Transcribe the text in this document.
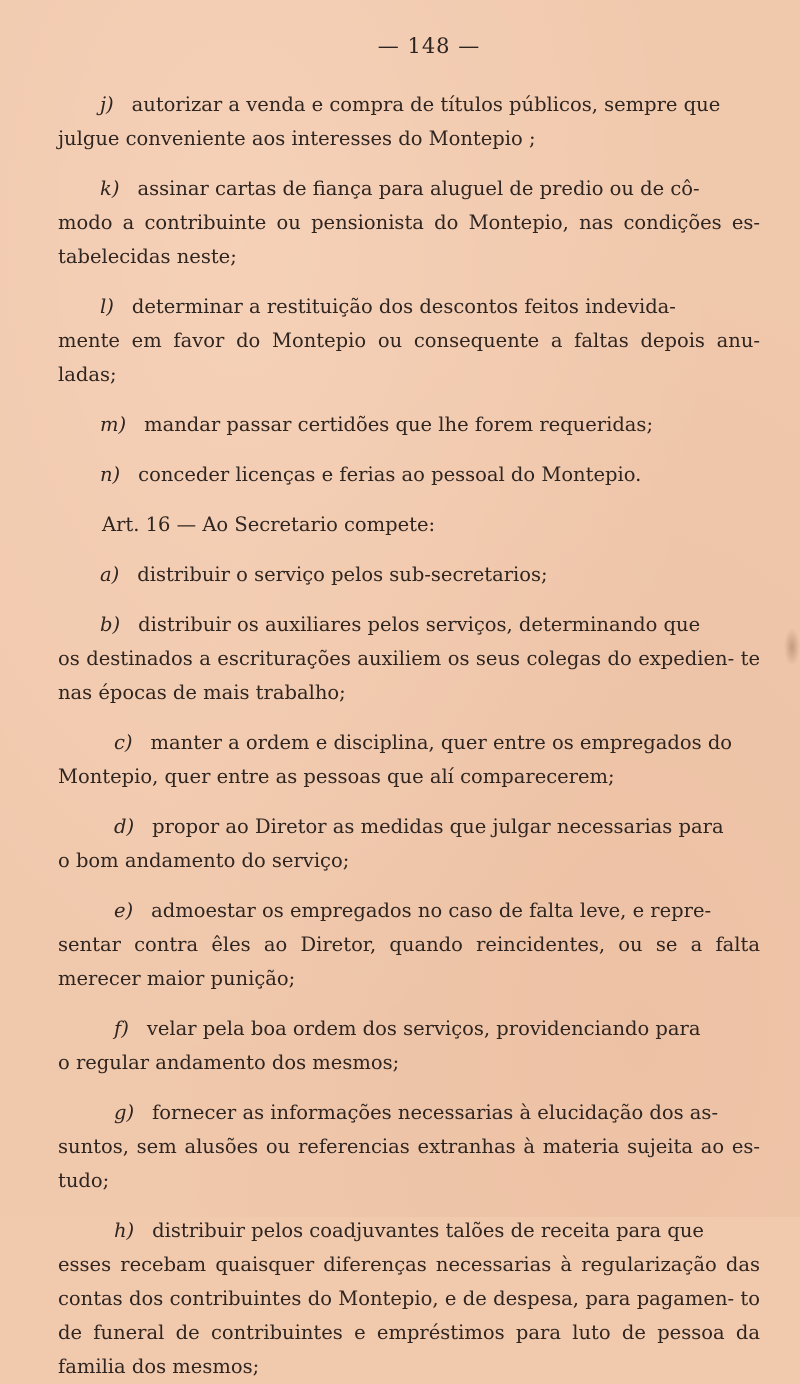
— 148 —
j) autorizar a venda e compra de títulos públicos, sempre que
julgue conveniente aos interesses do Montepio ;
k) assinar cartas de fiança para aluguel de predio ou de cô-
modo a contribuinte ou pensionista do Montepio, nas condições es- tabelecidas neste;
l) determinar a restituição dos descontos feitos indevida-
mente em favor do Montepio ou consequente a faltas depois anu- ladas;
m) mandar passar certidões que lhe forem requeridas;
n) conceder licenças e ferias ao pessoal do Montepio.
Art. 16 — Ao Secretario compete:
a) distribuir o serviço pelos sub-secretarios;
b) distribuir os auxiliares pelos serviços, determinando que
os destinados a escriturações auxiliem os seus colegas do expedien- te nas épocas de mais trabalho;
c) manter a ordem e disciplina, quer entre os empregados do
Montepio, quer entre as pessoas que alí comparecerem;
d) propor ao Diretor as medidas que julgar necessarias para
o bom andamento do serviço;
e) admoestar os empregados no caso de falta leve, e repre-
sentar contra êles ao Diretor, quando reincidentes, ou se a falta merecer maior punição;
f) velar pela boa ordem dos serviços, providenciando para
o regular andamento dos mesmos;
g) fornecer as informações necessarias à elucidação dos as-
suntos, sem alusões ou referencias extranhas à materia sujeita ao es- tudo;
h) distribuir pelos coadjuvantes talões de receita para que
esses recebam quaisquer diferenças necessarias à regularização das contas dos contribuintes do Montepio, e de despesa, para pagamen- to de funeral de contribuintes e empréstimos para luto de pessoa da familia dos mesmos;
